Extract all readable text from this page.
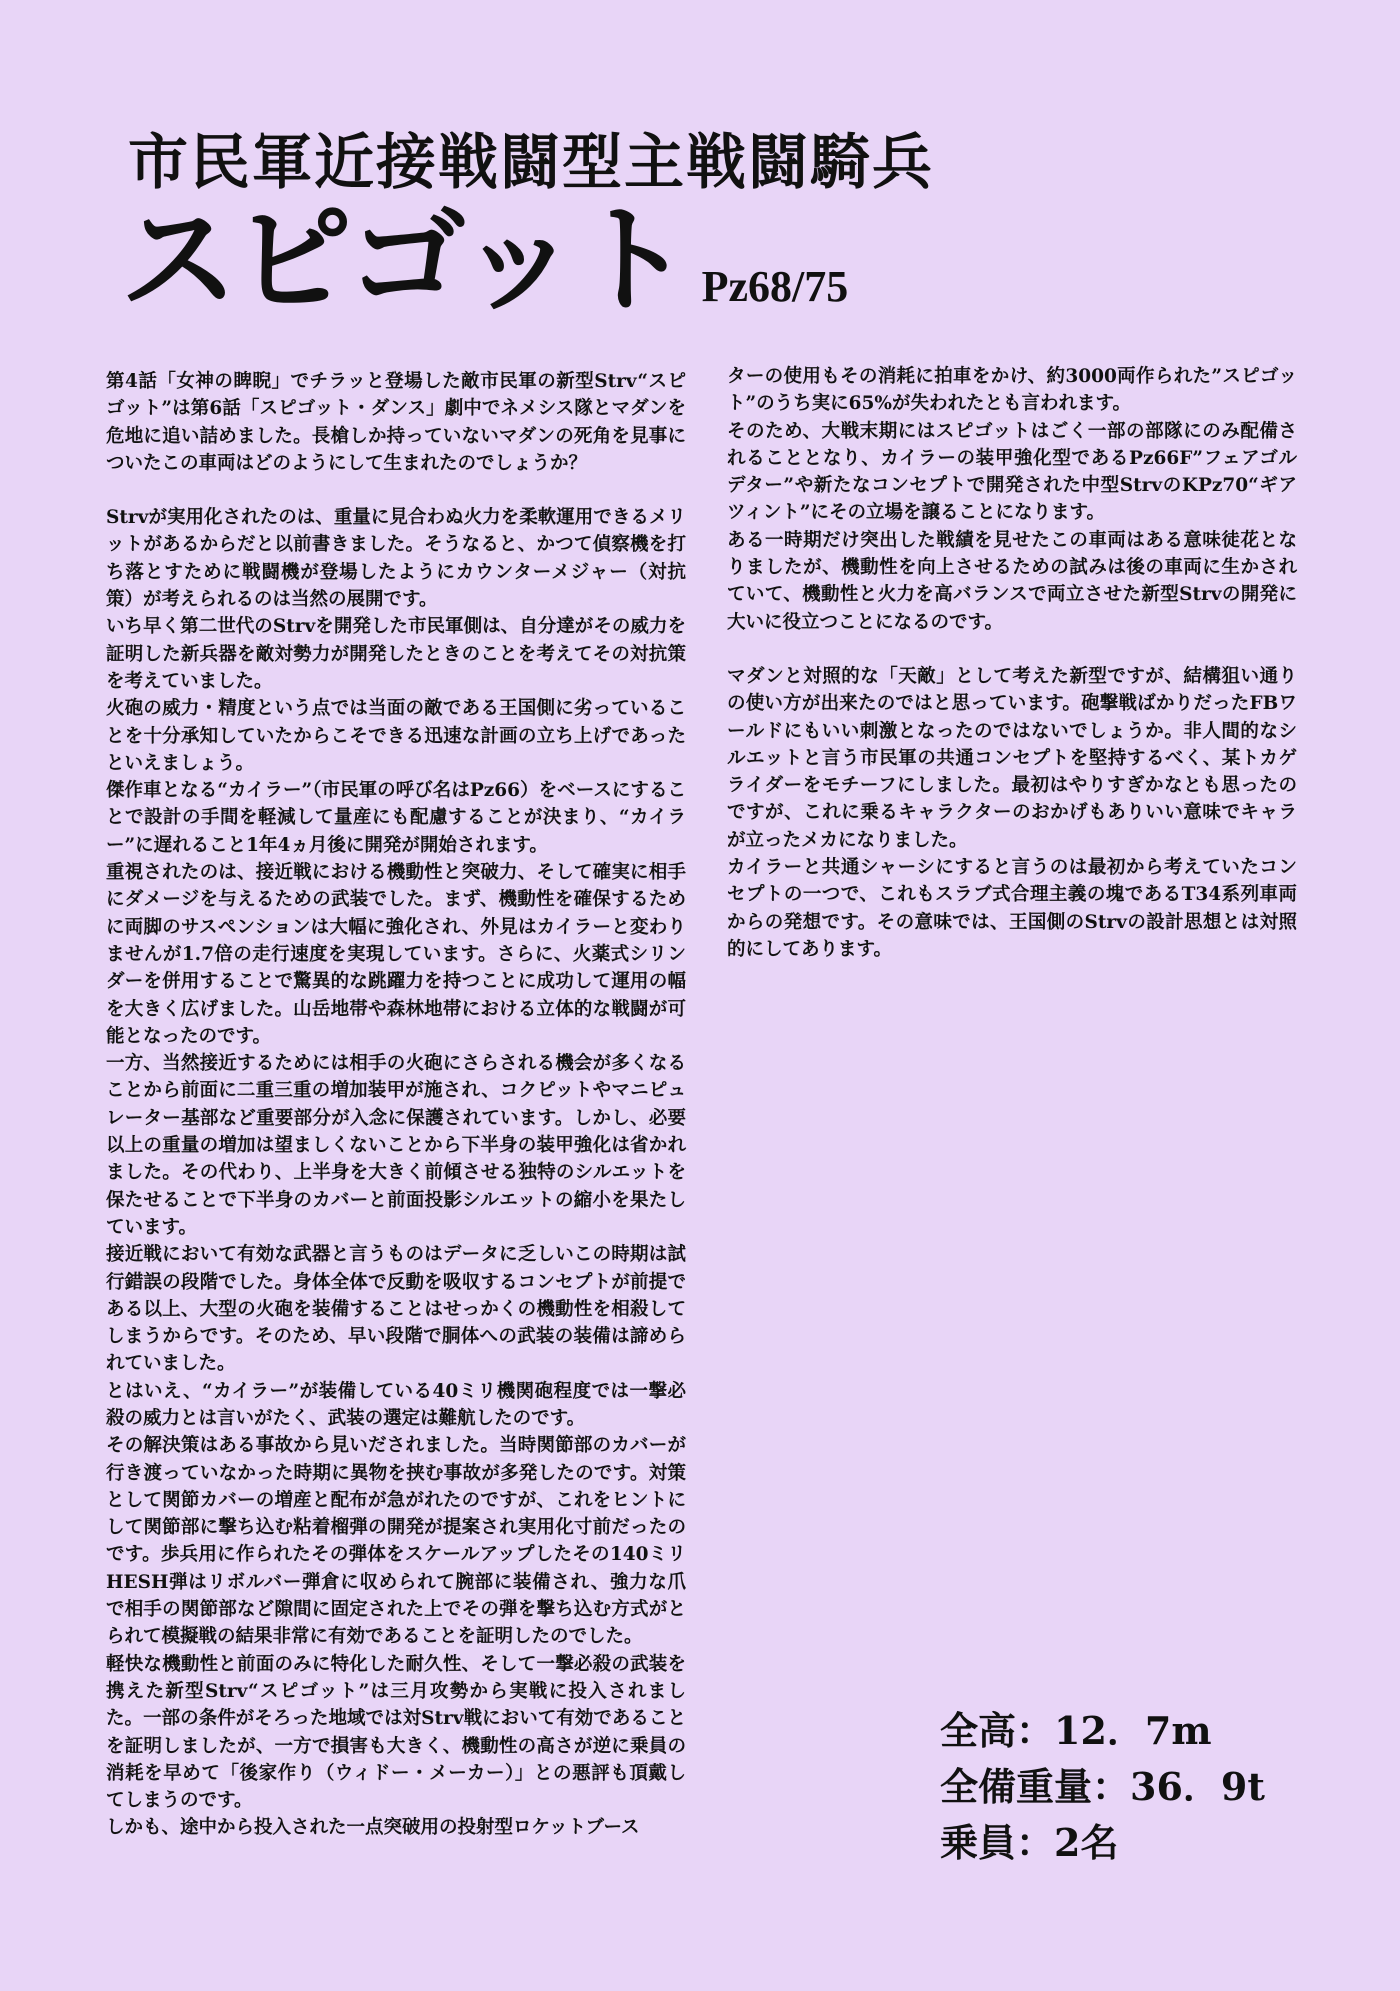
市民軍近接戦闘型主戦闘騎兵
スピゴット Pz68/75

第4話「女神の睥睨」でチラッと登場した敵市民軍の新型Strv“スピゴット”は第6話「スピゴット・ダンス」劇中でネメシス隊とマダンを危地に追い詰めました。長槍しか持っていないマダンの死角を見事についたこの車両はどのようにして生まれたのでしょうか？

Strvが実用化されたのは、重量に見合わぬ火力を柔軟運用できるメリットがあるからだと以前書きました。そうなると、かつて偵察機を打ち落とすために戦闘機が登場したようにカウンターメジャー（対抗策）が考えられるのは当然の展開です。

いち早く第二世代のStrvを開発した市民軍側は、自分達がその威力を証明した新兵器を敵対勢力が開発したときのことを考えてその対抗策を考えていました。

火砲の威力・精度という点では当面の敵である王国側に劣っていることを十分承知していたからこそできる迅速な計画の立ち上げであったといえましょう。

傑作車となる“カイラー”（市民軍の呼び名はPz66）をベースにすることで設計の手間を軽減して量産にも配慮することが決まり、“カイラー”に遅れること1年4ヵ月後に開発が開始されます。

重視されたのは、接近戦における機動性と突破力、そして確実に相手にダメージを与えるための武装でした。まず、機動性を確保するために両脚のサスペンションは大幅に強化され、外見はカイラーと変わりませんが1.7倍の走行速度を実現しています。さらに、火薬式シリンダーを併用することで驚異的な跳躍力を持つことに成功して運用の幅を大きく広げました。山岳地帯や森林地帯における立体的な戦闘が可能となったのです。

一方、当然接近するためには相手の火砲にさらされる機会が多くなることから前面に二重三重の増加装甲が施され、コクピットやマニピュレーター基部など重要部分が入念に保護されています。しかし、必要以上の重量の増加は望ましくないことから下半身の装甲強化は省かれました。その代わり、上半身を大きく前傾させる独特のシルエットを保たせることで下半身のカバーと前面投影シルエットの縮小を果たしています。

接近戦において有効な武器と言うものはデータに乏しいこの時期は試行錯誤の段階でした。身体全体で反動を吸収するコンセプトが前提である以上、大型の火砲を装備することはせっかくの機動性を相殺してしまうからです。そのため、早い段階で胴体への武装の装備は諦められていました。

とはいえ、“カイラー”が装備している40ミリ機関砲程度では一撃必殺の威力とは言いがたく、武装の選定は難航したのです。

その解決策はある事故から見いだされました。当時関節部のカバーが行き渡っていなかった時期に異物を挟む事故が多発したのです。対策として関節カバーの増産と配布が急がれたのですが、これをヒントにして関節部に撃ち込む粘着榴弾の開発が提案され実用化寸前だったのです。歩兵用に作られたその弾体をスケールアップしたその140ミリHESH弾はリボルバー弾倉に収められて腕部に装備され、強力な爪で相手の関節部など隙間に固定された上でその弾を撃ち込む方式がとられて模擬戦の結果非常に有効であることを証明したのでした。

軽快な機動性と前面のみに特化した耐久性、そして一撃必殺の武装を携えた新型Strv“スピゴット”は三月攻勢から実戦に投入されました。一部の条件がそろった地域では対Strv戦において有効であることを証明しましたが、一方で損害も大きく、機動性の高さが逆に乗員の消耗を早めて「後家作り（ウィドー・メーカー）」との悪評も頂戴してしまうのです。

しかも、途中から投入された一点突破用の投射型ロケットブース

ターの使用もその消耗に拍車をかけ、約3000両作られた”スピゴット”のうち実に65%が失われたとも言われます。

そのため、大戦末期にはスピゴットはごく一部の部隊にのみ配備されることとなり、カイラーの装甲強化型であるPz66F”フェアゴルデター”や新たなコンセプトで開発された中型StrvのKPz70“ギアツィント”にその立場を譲ることになります。

ある一時期だけ突出した戦績を見せたこの車両はある意味徒花となりましたが、機動性を向上させるための試みは後の車両に生かされていて、機動性と火力を高バランスで両立させた新型Strvの開発に大いに役立つことになるのです。

マダンと対照的な「天敵」として考えた新型ですが、結構狙い通りの使い方が出来たのではと思っています。砲撃戦ばかりだったFBワールドにもいい刺激となったのではないでしょうか。非人間的なシルエットと言う市民軍の共通コンセプトを堅持するべく、某トカゲライダーをモチーフにしました。最初はやりすぎかなとも思ったのですが、これに乗るキャラクターのおかげもありいい意味でキャラが立ったメカになりました。

カイラーと共通シャーシにすると言うのは最初から考えていたコンセプトの一つで、これもスラブ式合理主義の塊であるT34系列車両からの発想です。その意味では、王国側のStrvの設計思想とは対照的にしてあります。

全高：12．7m
全備重量：36．9t
乗員：2名
